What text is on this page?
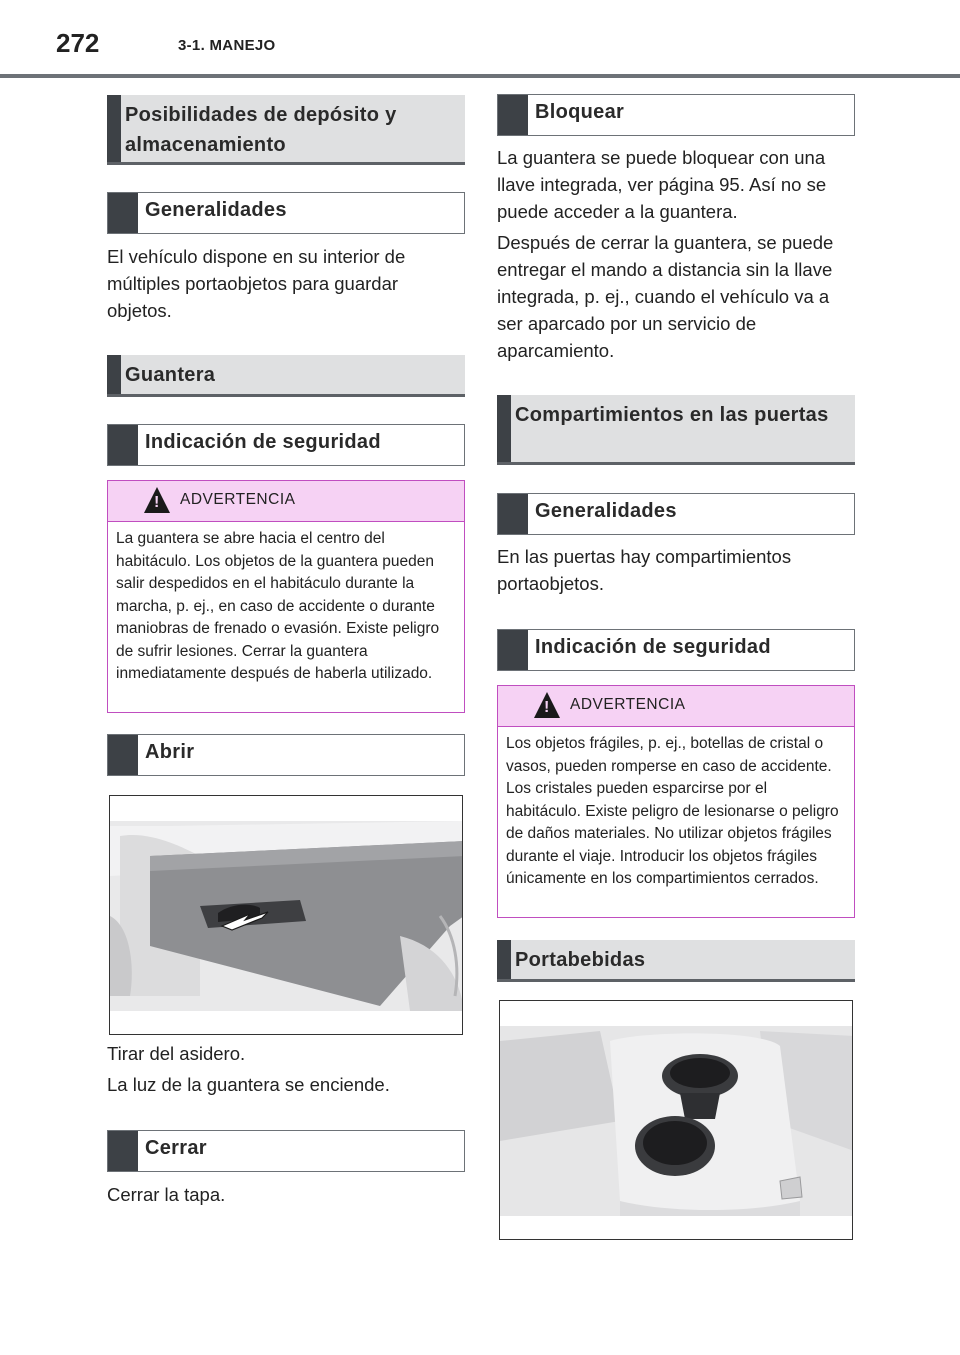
272	3-1. MANEJO
Posibilidades de depósito y almacenamiento
Generalidades
El vehículo dispone en su interior de múltiples portaobjetos para guardar objetos.
Guantera
Indicación de seguridad
!
ADVERTENCIA
La guantera se abre hacia el centro del habitáculo. Los objetos de la guantera pueden salir despedidos en el habitáculo durante la marcha, p. ej., en caso de accidente o durante maniobras de frenado o evasión. Existe peligro de sufrir lesiones. Cerrar la guantera inmediatamente después de haberla utilizado.
Abrir
Tirar del asidero.
La luz de la guantera se enciende.
Cerrar
Cerrar la tapa.
Bloquear
La guantera se puede bloquear con una llave integrada, ver página 95. Así no se puede acceder a la guantera.
Después de cerrar la guantera, se puede entregar el mando a distancia sin la llave integrada, p. ej., cuando el vehículo va a ser aparcado por un servicio de aparcamiento.
Compartimientos en las puertas
Generalidades
En las puertas hay compartimientos portaobjetos.
Indicación de seguridad
!
ADVERTENCIA
Los objetos frágiles, p. ej., botellas de cristal o vasos, pueden romperse en caso de accidente. Los cristales pueden esparcirse por el habitáculo. Existe peligro de lesionarse o peligro de daños materiales. No utilizar objetos frágiles durante el viaje. Introducir los objetos frágiles únicamente en los compartimientos cerrados.
Portabebidas
